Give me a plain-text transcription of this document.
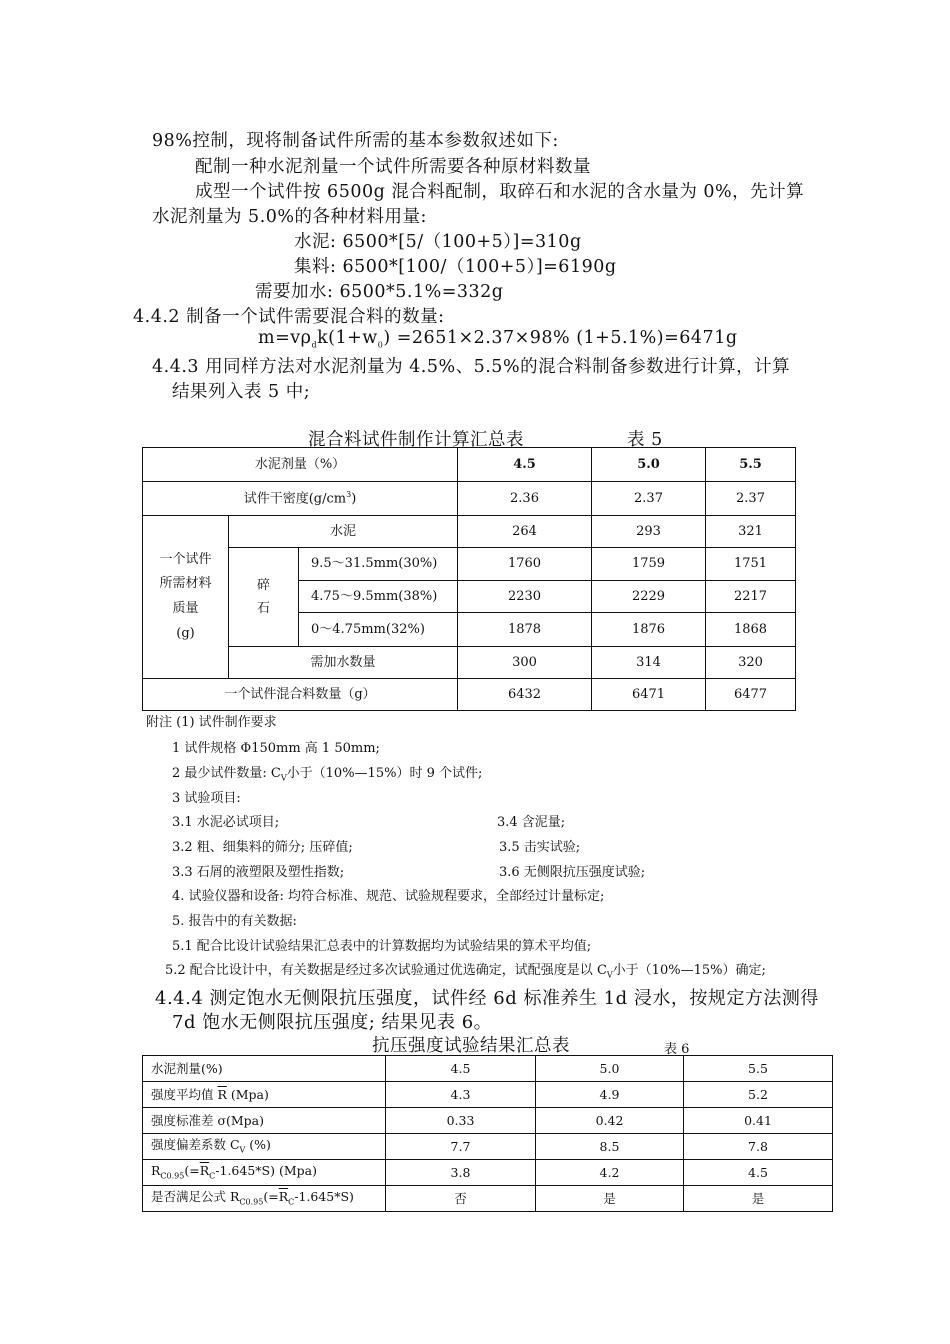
98%控制，现将制备试件所需的基本参数叙述如下:
配制一种水泥剂量一个试件所需要各种原材料数量
成型一个试件按 6500g 混合料配制，取碎石和水泥的含水量为 0%，先计算
水泥剂量为 5.0%的各种材料用量:
水泥: 6500*[5/（100+5）]=310g
集料: 6500*[100/（100+5）]=6190g
需要加水: 6500*5.1%=332g
4.4.2 制备一个试件需要混合料的数量:
$m=v\rho_dk(1+w_0) =2651\times 2.37\times 98\%$ (1+5.1%)=6471g
4.4.3 用同样方法对水泥剂量为 4.5%、5.5%的混合料制备参数进行计算，计算
结果列入表 5 中;
混合料试件制作计算汇总表	表 5
水泥剂量（%）			4.5	5.0	5.5
试件干密度$(g/cm^3)$			2.36	2.37	2.37

一个试件
所需材料
质量
(g)	水泥		264	293	321

	碎
石	9.5～31.5mm(30%)	1760	1759	1751
		4.75～9.5mm(38%)	2230	2229	2217
		0～4.75mm(32%)	1878	1876	1868
	需加水数量		300	314	320
一个试件混合料数量（g）			6432	6471	6477
附注 (1) 试件制作要求
1 试件规格 Φ150mm 高 1 50mm;
2 最少试件数量: $C_V$小于（10%—15%）时 9 个试件;
3 试验项目:
3.1 水泥必试项目;	3.4 含泥量;
3.2 粗、细集料的筛分; 压碎值;	3.5 击实试验;
3.3 石屑的液塑限及塑性指数;	3.6 无侧限抗压强度试验;
4. 试验仪器和设备: 均符合标准、规范、试验规程要求，全部经过计量标定;
5. 报告中的有关数据:
5.1 配合比设计试验结果汇总表中的计算数据均为试验结果的算术平均值;
5.2 配合比设计中，有关数据是经过多次试验通过优选确定，试配强度是以 $C_V$小于（10%—15%）确定;
4.4.4 测定饱水无侧限抗压强度，试件经 6d 标准养生 1d 浸水，按规定方法测得
7d 饱水无侧限抗压强度; 结果见表 6。
抗压强度试验结果汇总表	表 6
水泥剂量(%)	4.5	5.0	5.5
强度平均值 $\overline{R}$ (Mpa)	4.3	4.9	5.2
强度标准差 σ(Mpa)	0.33	0.42	0.41
强度偏差系数 $C_V$ (%)	7.7	8.5	7.8
$R_{C0.95}(=\overline{R}_C-1.645*S)$ (Mpa)	3.8	4.2	4.5
是否满足公式 $R_{C0.95}(=\overline{R}_C-1.645*S)$	否	是	是
